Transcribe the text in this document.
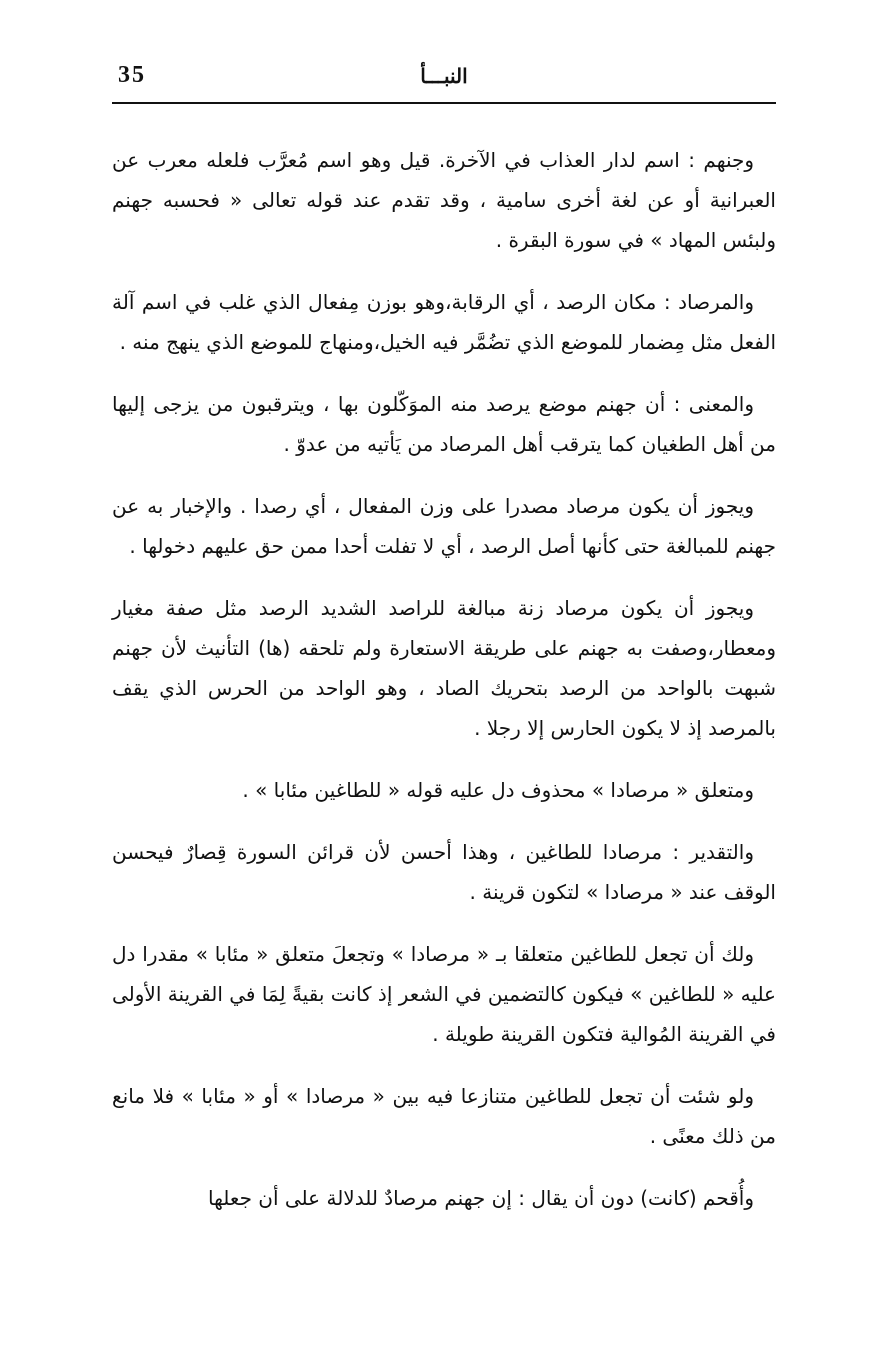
35	النبـــأ

وجنهم : اسم لدار العذاب في الآخرة. قيل وهو اسم مُعرَّب فلعله معرب عن العبرانية أو عن لغة أخرى سامية ، وقد تقدم عند قوله تعالى « فحسبه جهنم ولبئس المهاد » في سورة البقرة .

والمرصاد : مكان الرصد ، أي الرقابة،وهو بوزن مِفعال الذي غلب في اسم آلة الفعل مثل مِضمار للموضع الذي تضُمَّر فيه الخيل،ومنهاج للموضع الذي ينهج منه .

والمعنى : أن جهنم موضع يرصد منه الموَكّلون بها ، ويترقبون من يزجى إليها من أهل الطغيان كما يترقب أهل المرصاد من يَأتيه من عدوّ .

ويجوز أن يكون مرصاد مصدرا على وزن المفعال ، أي رصدا . والإخبار به عن جهنم للمبالغة حتى كأنها أصل الرصد ، أي لا تفلت أحدا ممن حق عليهم دخولها .

ويجوز أن يكون مرصاد زنة مبالغة للراصد الشديد الرصد مثل صفة مغيار ومعطار،وصفت به جهنم على طريقة الاستعارة ولم تلحقه (ها) التأنيث لأن جهنم شبهت بالواحد من الرصد بتحريك الصاد ، وهو الواحد من الحرس الذي يقف بالمرصد إذ لا يكون الحارس إلا رجلا .

ومتعلق « مرصادا » محذوف دل عليه قوله « للطاغين مئابا » .

والتقدير : مرصادا للطاغين ، وهذا أحسن لأن قرائن السورة قِصارٌ فيحسن الوقف عند « مرصادا » لتكون قرينة .

ولك أن تجعل للطاغين متعلقا بـ « مرصادا » وتجعلَ متعلق « مئابا » مقدرا دل عليه « للطاغين » فيكون كالتضمين في الشعر إذ كانت بقيةً لِمَا في القرينة الأولى في القرينة المُوالية فتكون القرينة طويلة .

ولو شئت أن تجعل للطاغين متنازعا فيه بين « مرصادا » أو « مئابا » فلا مانع من ذلك معنًى .

وأُقحم (كانت) دون أن يقال : إن جهنم مرصادٌ للدلالة على أن جعلها
